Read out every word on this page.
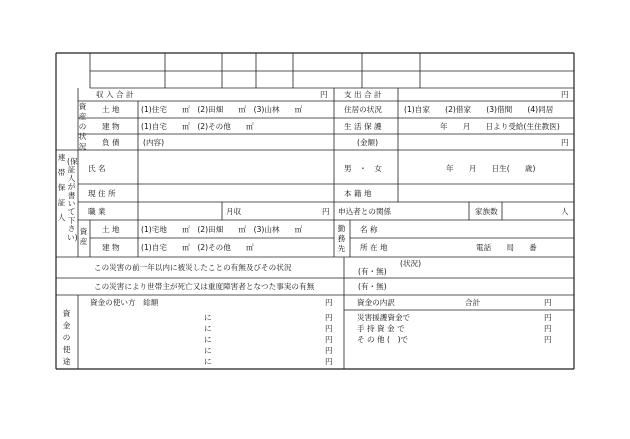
収 入 合 計	円 支 出 合 計	円
資産の状況
土 地	(1)住宅　　㎡　(2)田畑　　㎡　(3)山林　　㎡	住居の状況	(1)自家　　(2)借家　　(3)借間　　(4)同居
建 物	(1)自宅　　㎡　(2)その他　　㎡	生 活 保 護	年　　月　　日より受給(生住教医)
負 債	(内容)	(金額)	円
連 帯 保 証 人
(保証人が書いて下さい)
氏 名	男　・　女	年　　月　　日生(　　歳)
現 住 所	本 籍 地
職 業	月収	円 申込者との関係	家族数	人
資産
土 地	(1)宅地　　㎡　(2)田畑　　㎡　(3)山林　　㎡
建 物	(1)自宅　　㎡　(2)その他　　㎡
勤務先
名 称
所 在 地	電話　　局　　番
この災害の前一年以内に被災したことの有無及びその状況	(状況)
(有・無)
この災害により世帯主が死亡又は重度障害者となつた事実の有無	(有・無)
資 金 の 使 途
資金の使い方　総額	円
に	円
に	円
に	円
に	円
に	円
資金の内訳	合計	円
災害援護資金で	円
手 持 資 金 で	円
そ の 他 (　)で	円
